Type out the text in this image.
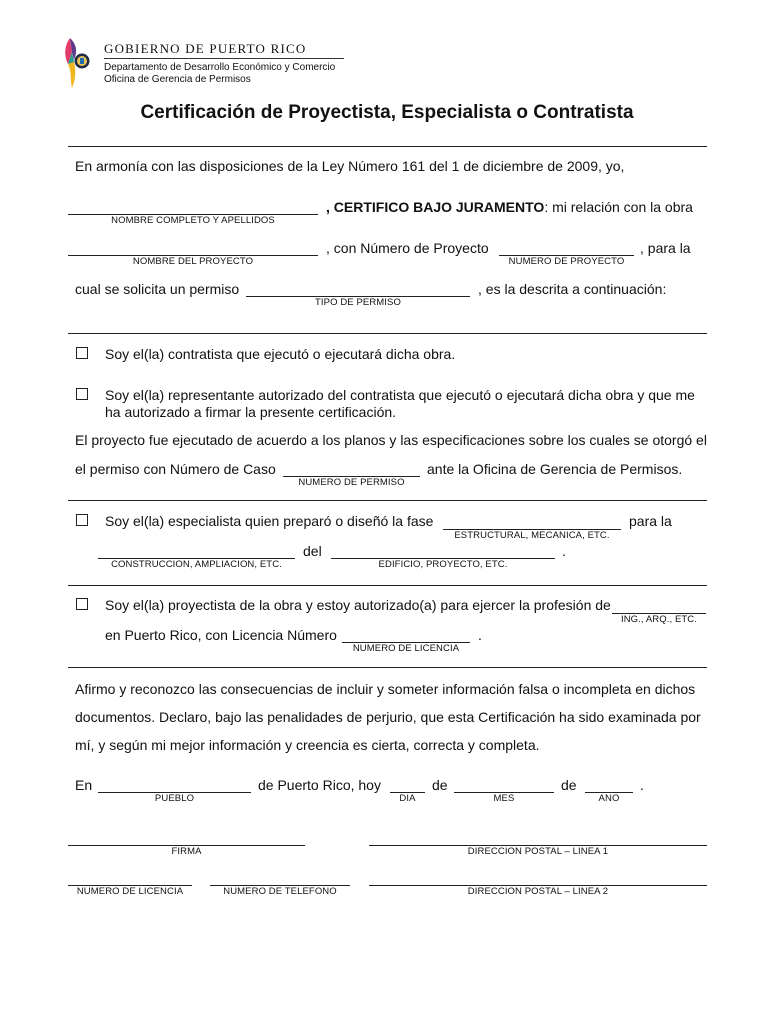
GOBIERNO DE PUERTO RICO
Departamento de Desarrollo Económico y Comercio
Oficina de Gerencia de Permisos
Certificación de Proyectista, Especialista o Contratista
En armonía con las disposiciones de la Ley Número 161 del 1 de diciembre de 2009, yo,
NOMBRE COMPLETO Y APELLIDOS
, CERTIFICO BAJO JURAMENTO: mi relación con la obra
NOMBRE DEL PROYECTO
, con Número de Proyecto
NUMERO DE PROYECTO
, para la
cual se solicita un permiso
TIPO DE PERMISO
, es la descrita a continuación:
Soy el(la) contratista que ejecutó o ejecutará dicha obra.
Soy el(la) representante autorizado del contratista que ejecutó o ejecutará dicha obra y que me
ha autorizado a firmar la presente certificación.
El proyecto fue ejecutado de acuerdo a los planos y las especificaciones sobre los cuales se otorgó el
el permiso con Número de Caso
NUMERO DE PERMISO
ante la Oficina de Gerencia de Permisos.
Soy el(la) especialista quien preparó o diseñó la fase
ESTRUCTURAL, MECANICA, ETC.
para la
CONSTRUCCION, AMPLIACION, ETC.
del
EDIFICIO, PROYECTO, ETC.
.
Soy el(la) proyectista de la obra y estoy autorizado(a) para ejercer la profesión de
ING., ARQ., ETC.
en Puerto Rico, con Licencia Número
NUMERO DE LICENCIA
.
Afirmo y reconozco las consecuencias de incluir y someter información falsa o incompleta en dichos
documentos. Declaro, bajo las penalidades de perjurio, que esta Certificación ha sido examinada por
mí, y según mi mejor información y creencia es cierta, correcta y completa.
En
PUEBLO
de Puerto Rico, hoy
DIA
de
MES
de
ANO
.
FIRMA	DIRECCION POSTAL – LINEA 1
NUMERO DE LICENCIA	NUMERO DE TELEFONO	DIRECCION POSTAL – LINEA 2
